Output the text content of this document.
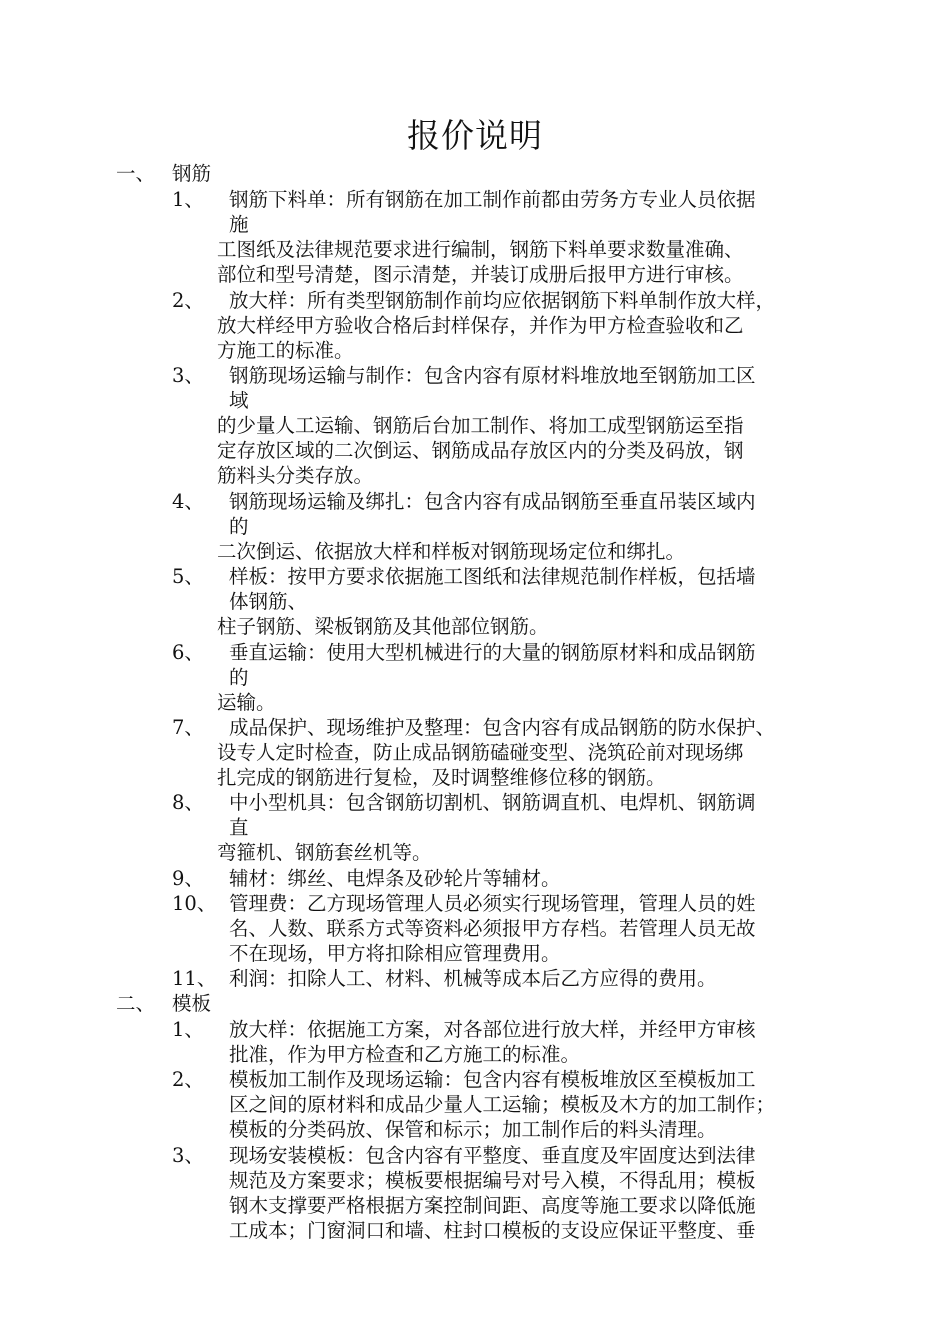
报价说明
一、 钢筋
1、 钢筋下料单：所有钢筋在加工制作前都由劳务方专业人员依据
施
工图纸及法律规范要求进行编制，钢筋下料单要求数量准确、
部位和型号清楚，图示清楚，并装订成册后报甲方进行审核。
2、 放大样：所有类型钢筋制作前均应依据钢筋下料单制作放大样，
放大样经甲方验收合格后封样保存，并作为甲方检查验收和乙
方施工的标准。
3、 钢筋现场运输与制作：包含内容有原材料堆放地至钢筋加工区
域
的少量人工运输、钢筋后台加工制作、将加工成型钢筋运至指
定存放区域的二次倒运、钢筋成品存放区内的分类及码放，钢
筋料头分类存放。
4、 钢筋现场运输及绑扎：包含内容有成品钢筋至垂直吊装区域内
的
二次倒运、依据放大样和样板对钢筋现场定位和绑扎。
5、 样板：按甲方要求依据施工图纸和法律规范制作样板，包括墙
体钢筋、
柱子钢筋、梁板钢筋及其他部位钢筋。
6、 垂直运输：使用大型机械进行的大量的钢筋原材料和成品钢筋
的
运输。
7、 成品保护、现场维护及整理：包含内容有成品钢筋的防水保护、
设专人定时检查，防止成品钢筋磕碰变型、浇筑砼前对现场绑
扎完成的钢筋进行复检，及时调整维修位移的钢筋。
8、 中小型机具：包含钢筋切割机、钢筋调直机、电焊机、钢筋调
直
弯箍机、钢筋套丝机等。
9、 辅材：绑丝、电焊条及砂轮片等辅材。
10、 管理费：乙方现场管理人员必须实行现场管理，管理人员的姓
名、人数、联系方式等资料必须报甲方存档。若管理人员无故
不在现场，甲方将扣除相应管理费用。
11、 利润：扣除人工、材料、机械等成本后乙方应得的费用。
二、 模板
1、 放大样：依据施工方案，对各部位进行放大样，并经甲方审核
批准，作为甲方检查和乙方施工的标准。
2、 模板加工制作及现场运输：包含内容有模板堆放区至模板加工
区之间的原材料和成品少量人工运输；模板及木方的加工制作；
模板的分类码放、保管和标示；加工制作后的料头清理。
3、 现场安装模板：包含内容有平整度、垂直度及牢固度达到法律
规范及方案要求；模板要根据编号对号入模，不得乱用；模板
钢木支撑要严格根据方案控制间距、高度等施工要求以降低施
工成本；门窗洞口和墙、柱封口模板的支设应保证平整度、垂
